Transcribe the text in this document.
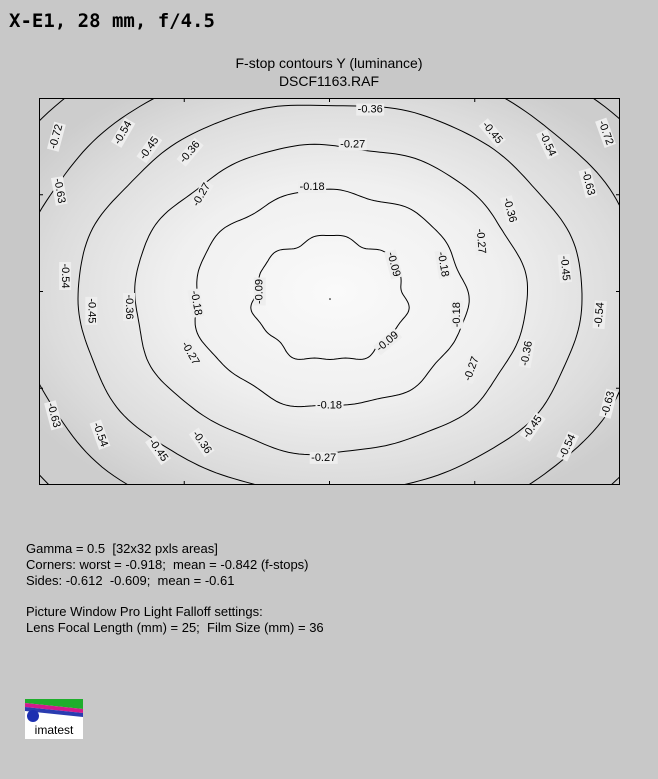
X-E1, 28 mm, f/4.5
F-stop contours Y (luminance)
DSCF1163.RAF
-0.36
-0.27
-0.18
-0.09
-0.09
-0.09
-0.18
-0.18
-0.18
-0.18
-0.27
-0.27
-0.27
-0.27
-0.27
-0.36
-0.36
-0.36
-0.36
-0.36
-0.45
-0.45
-0.45
-0.45
-0.45
-0.45
-0.54	-0.54
-0.54
-0.54
-0.54	-0.54
-0.63	-0.63
-0.63	-0.63
-0.72	-0.72
Gamma = 0.5  [32x32 pxls areas]
Corners: worst = -0.918;  mean = -0.842 (f-stops)
Sides: -0.612  -0.609;  mean = -0.61
Picture Window Pro Light Falloff settings:
Lens Focal Length (mm) = 25;  Film Size (mm) = 36
imatest
